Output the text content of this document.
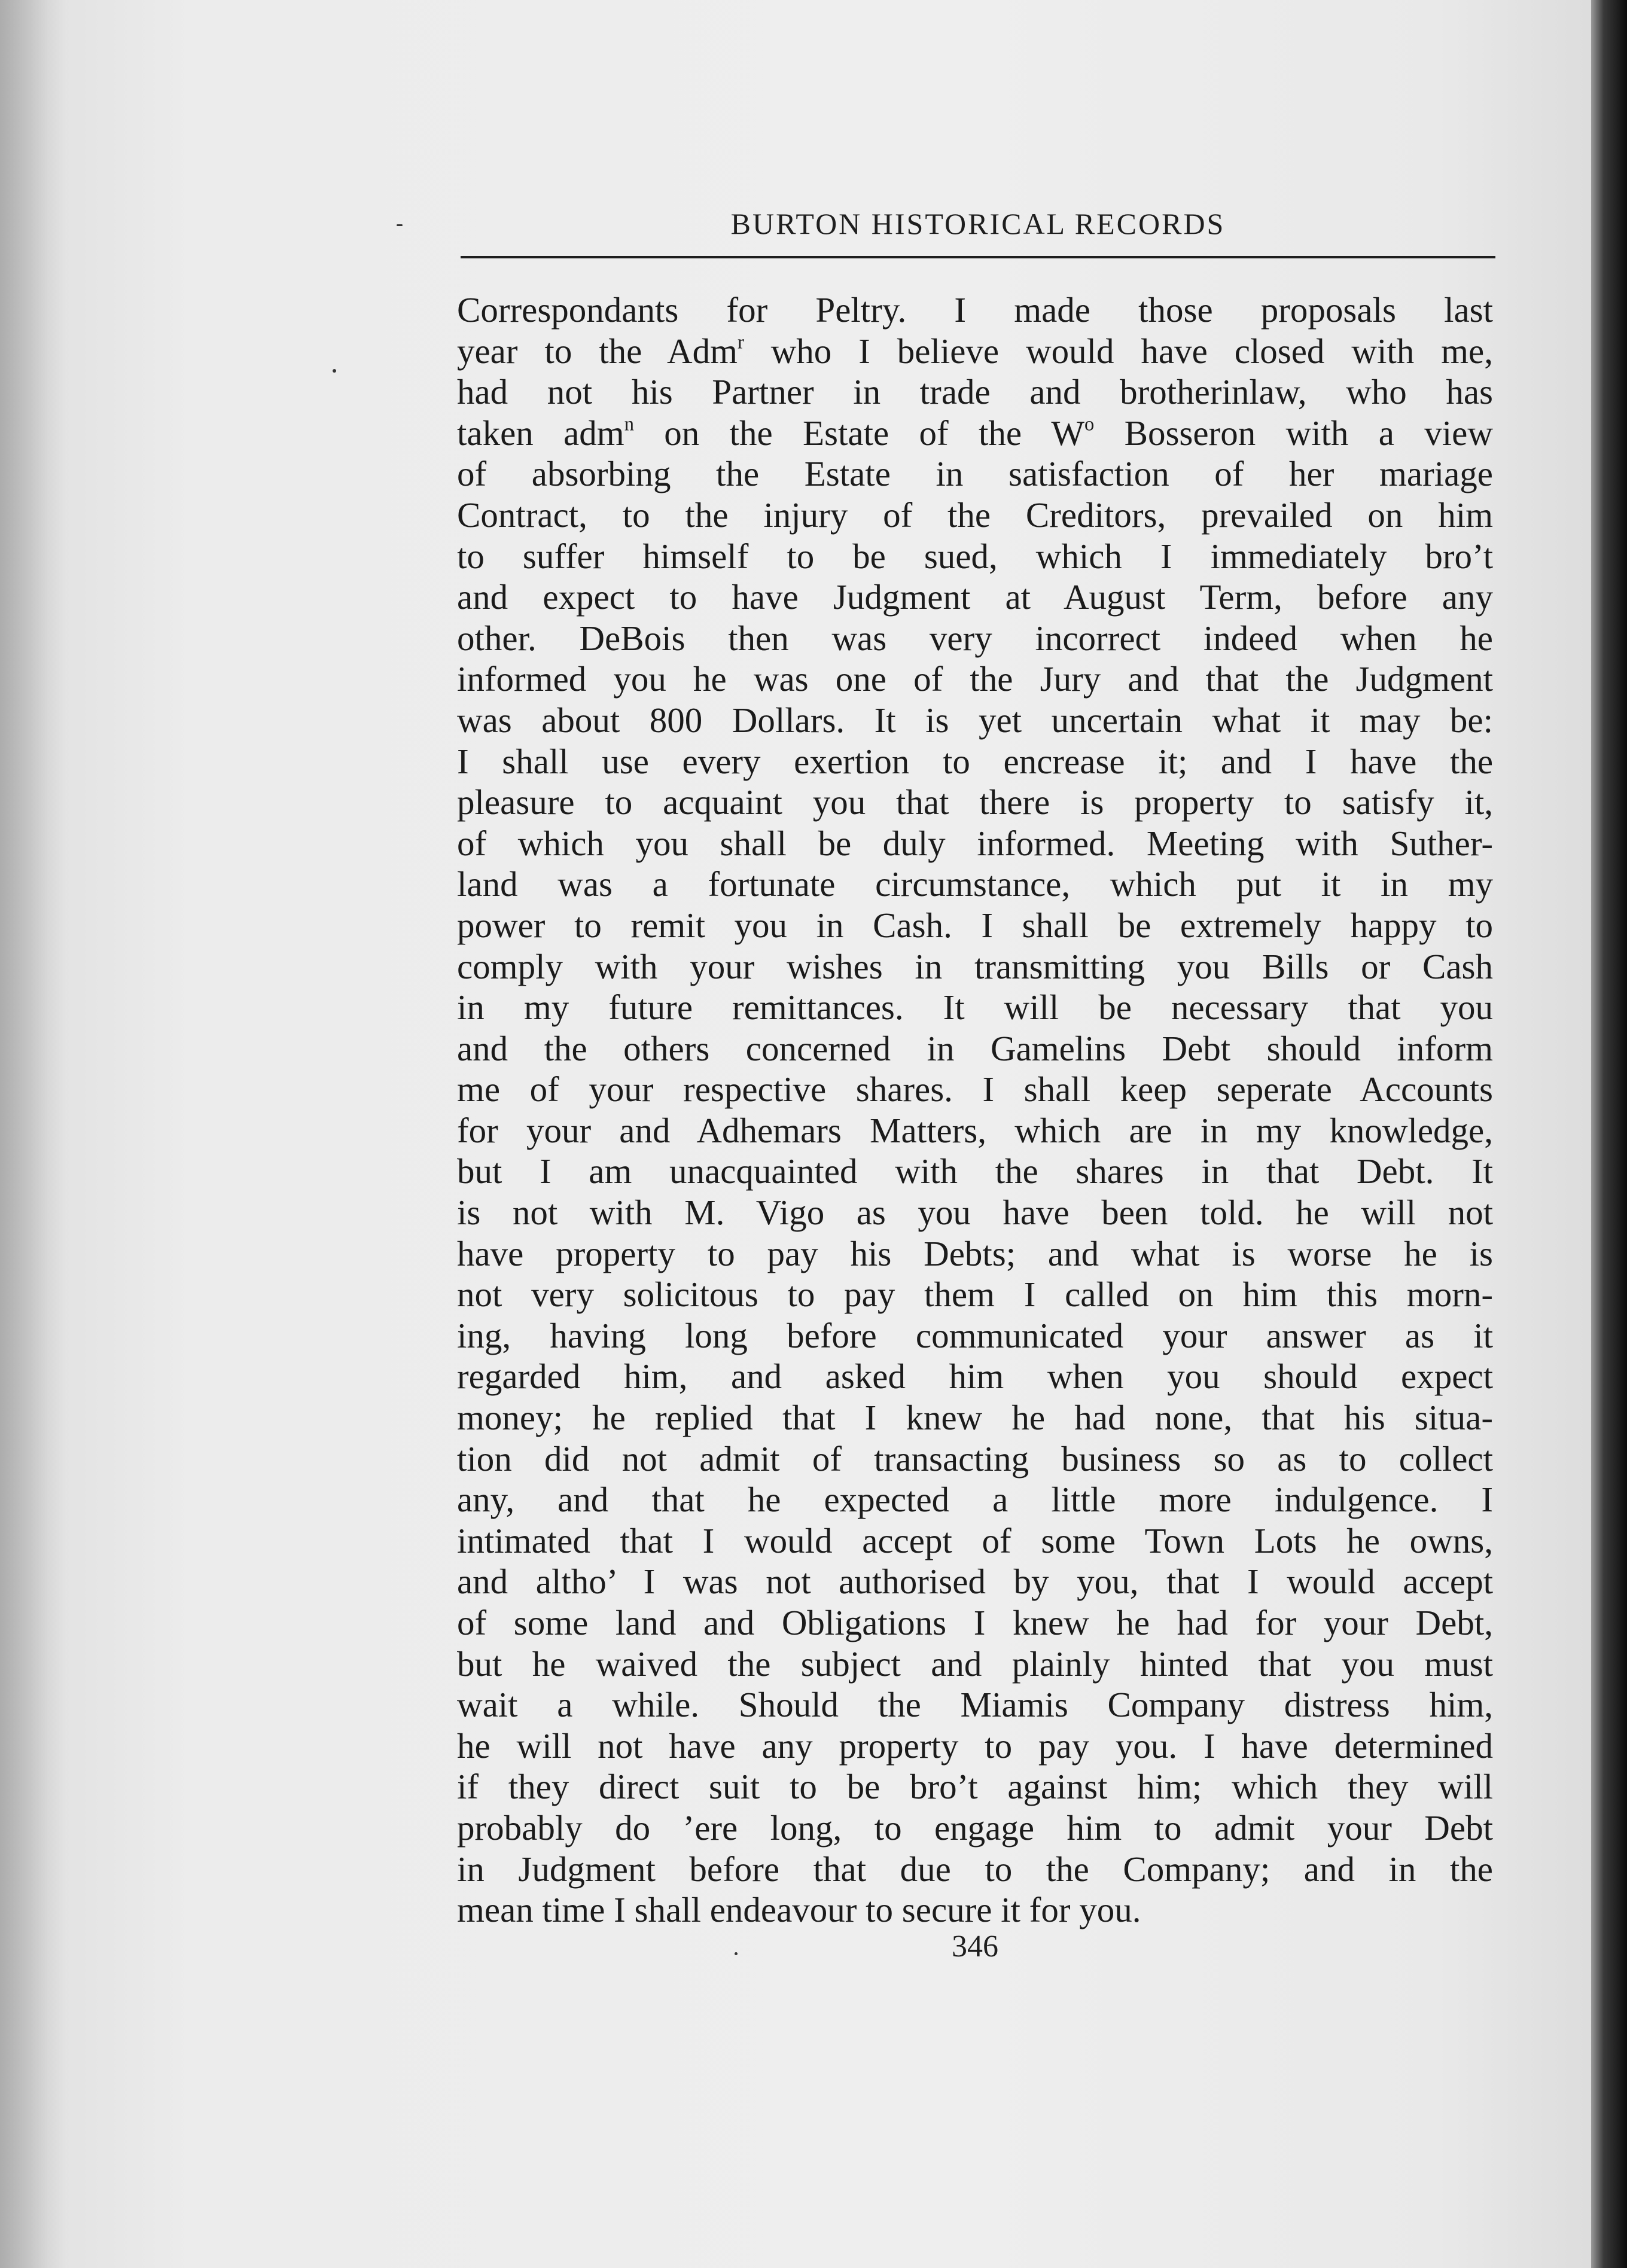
BURTON HISTORICAL RECORDS
Correspondants for Peltry. I made those proposals last
year to the Adm$^r$ who I believe would have closed with me,
had not his Partner in trade and brotherinlaw, who has
taken adm$^n$ on the Estate of the $W^o$ Bosseron with a view
of absorbing the Estate in satisfaction of her mariage
Contract, to the injury of the Creditors, prevailed on him
to suffer himself to be sued, which I immediately bro’t
and expect to have Judgment at August Term, before any
other. DeBois then was very incorrect indeed when he
informed you he was one of the Jury and that the Judgment
was about 800 Dollars. It is yet uncertain what it may be:
I shall use every exertion to encrease it; and I have the
pleasure to acquaint you that there is property to satisfy it,
of which you shall be duly informed. Meeting with Suther-
land was a fortunate circumstance, which put it in my
power to remit you in Cash. I shall be extremely happy to
comply with your wishes in transmitting you Bills or Cash
in my future remittances. It will be necessary that you
and the others concerned in Gamelins Debt should inform
me of your respective shares. I shall keep seperate Accounts
for your and Adhemars Matters, which are in my knowledge,
but I am unacquainted with the shares in that Debt. It
is not with M. Vigo as you have been told. he will not
have property to pay his Debts; and what is worse he is
not very solicitous to pay them I called on him this morn-
ing, having long before communicated your answer as it
regarded him, and asked him when you should expect
money; he replied that I knew he had none, that his situa-
tion did not admit of transacting business so as to collect
any, and that he expected a little more indulgence. I
intimated that I would accept of some Town Lots he owns,
and altho’ I was not authorised by you, that I would accept
of some land and Obligations I knew he had for your Debt,
but he waived the subject and plainly hinted that you must
wait a while. Should the Miamis Company distress him,
he will not have any property to pay you. I have determined
if they direct suit to be bro’t against him; which they will
probably do ’ere long, to engage him to admit your Debt
in Judgment before that due to the Company; and in the
mean time I shall endeavour to secure it for you.
346
